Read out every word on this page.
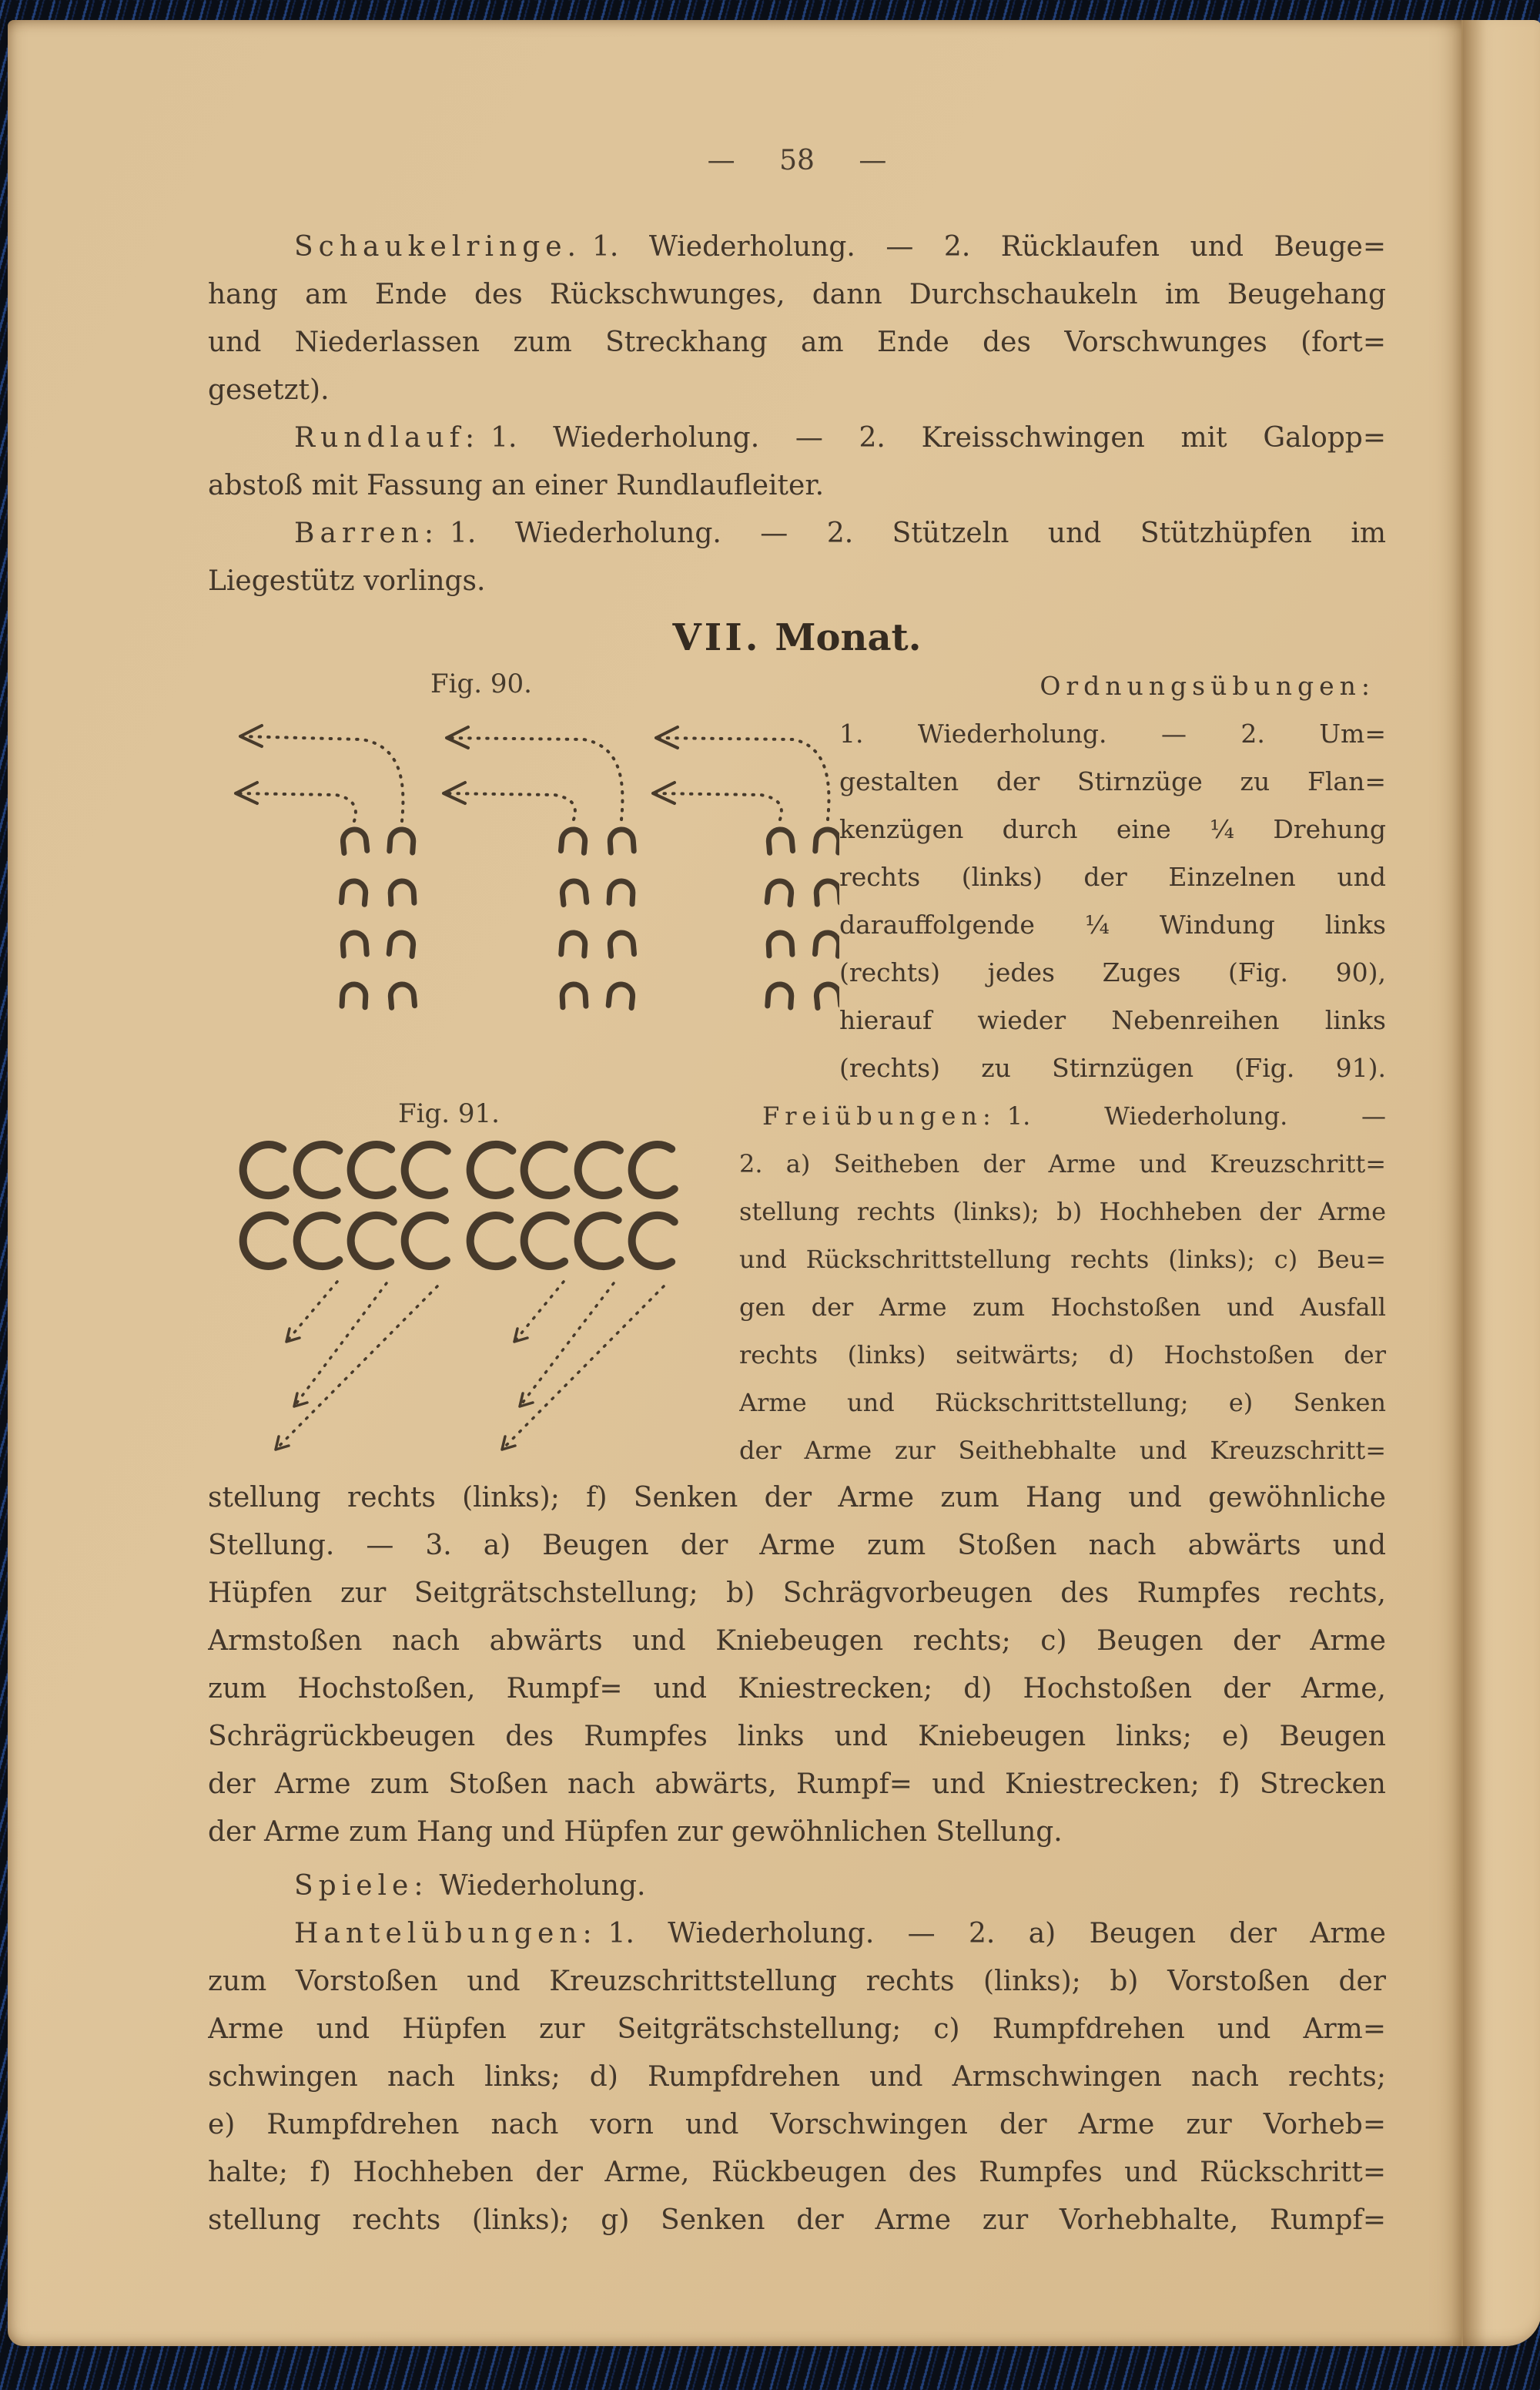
— 58 —
Schaukelringe. 1. Wiederholung. — 2. Rücklaufen und Beuge=
hang am Ende des Rückschwunges, dann Durchschaukeln im Beugehang
und Niederlassen zum Streckhang am Ende des Vorschwunges (fort=
gesetzt).
Rundlauf: 1. Wiederholung. — 2. Kreisschwingen mit Galopp=
abstoß mit Fassung an einer Rundlaufleiter.
Barren: 1. Wiederholung. — 2. Stützeln und Stützhüpfen im
Liegestütz vorlings.
VII. Monat.
Fig. 90.	Ordnungsübungen:
1. Wiederholung. — 2. Um=
gestalten der Stirnzüge zu Flan=
kenzügen durch eine ¼ Drehung
rechts (links) der Einzelnen und
darauffolgende ¼ Windung links
(rechts) jedes Zuges (Fig. 90),
hierauf wieder Nebenreihen links
(rechts) zu Stirnzügen (Fig. 91).
Fig. 91.	Freiübungen: 1. Wiederholung. —
2. a) Seitheben der Arme und Kreuzschritt=
stellung rechts (links); b) Hochheben der Arme
und Rückschrittstellung rechts (links); c) Beu=
gen der Arme zum Hochstoßen und Ausfall
rechts (links) seitwärts; d) Hochstoßen der
Arme und Rückschrittstellung; e) Senken
der Arme zur Seithebhalte und Kreuzschritt=
stellung rechts (links); f) Senken der Arme zum Hang und gewöhnliche
Stellung. — 3. a) Beugen der Arme zum Stoßen nach abwärts und
Hüpfen zur Seitgrätschstellung; b) Schrägvorbeugen des Rumpfes rechts,
Armstoßen nach abwärts und Kniebeugen rechts; c) Beugen der Arme
zum Hochstoßen, Rumpf= und Kniestrecken; d) Hochstoßen der Arme,
Schrägrückbeugen des Rumpfes links und Kniebeugen links; e) Beugen
der Arme zum Stoßen nach abwärts, Rumpf= und Kniestrecken; f) Strecken
der Arme zum Hang und Hüpfen zur gewöhnlichen Stellung.
Spiele: Wiederholung.
Hantelübungen: 1. Wiederholung. — 2. a) Beugen der Arme
zum Vorstoßen und Kreuzschrittstellung rechts (links); b) Vorstoßen der
Arme und Hüpfen zur Seitgrätschstellung; c) Rumpfdrehen und Arm=
schwingen nach links; d) Rumpfdrehen und Armschwingen nach rechts;
e) Rumpfdrehen nach vorn und Vorschwingen der Arme zur Vorheb=
halte; f) Hochheben der Arme, Rückbeugen des Rumpfes und Rückschritt=
stellung rechts (links); g) Senken der Arme zur Vorhebhalte, Rumpf=
